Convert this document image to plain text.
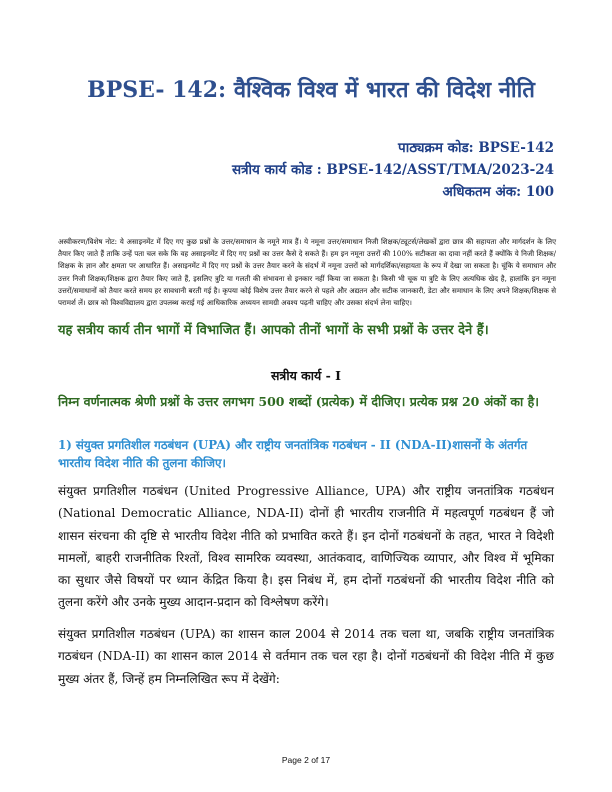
BPSE- 142: वैश्विक विश्व में भारत की विदेश नीति
पाठ्यक्रम कोड: BPSE-142
सत्रीय कार्य कोड : BPSE-142/ASST/TMA/2023-24
अधिकतम अंक: 100
अस्वीकरण/विशेष नोट: ये असाइनमेंट में दिए गए कुछ प्रश्नों के उत्तर/समाधान के नमूने मात्र हैं। ये नमूना उत्तर/समाधान निजी शिक्षक/ट्यूटर्स/लेखकों द्वारा छात्र की सहायता और मार्गदर्शन के लिए तैयार किए जाते हैं ताकि उन्हें पता चल सके कि वह असाइनमेंट में दिए गए प्रश्नों का उत्तर कैसे दे सकते हैं। हम इन नमूना उत्तरों की 100% सटीकता का दावा नहीं करते हैं क्योंकि ये निजी शिक्षक/शिक्षक के ज्ञान और क्षमता पर आधारित हैं। असाइनमेंट में दिए गए प्रश्नों के उत्तर तैयार करने के संदर्भ में नमूना उत्तरों को मार्गदर्शिका/सहायता के रूप में देखा जा सकता है। चूंकि ये समाधान और उत्तर निजी शिक्षक/शिक्षक द्वारा तैयार किए जाते हैं, इसलिए त्रुटि या गलती की संभावना से इनकार नहीं किया जा सकता है। किसी भी चूक या त्रुटि के लिए अत्यधिक खेद है, हालांकि इन नमूना उत्तरों/समाधानों को तैयार करते समय हर सावधानी बरती गई है। कृपया कोई विशेष उत्तर तैयार करने से पहले और अद्यतन और सटीक जानकारी, डेटा और समाधान के लिए अपने शिक्षक/शिक्षक से परामर्श लें। छात्र को विश्वविद्यालय द्वारा उपलब्ध कराई गई आधिकारिक अध्ययन सामग्री अवश्य पढ़नी चाहिए और उसका संदर्भ लेना चाहिए।
यह सत्रीय कार्य तीन भागों में विभाजित हैं। आपको तीनों भागों के सभी प्रश्नों के उत्तर देने हैं।
सत्रीय कार्य - I
निम्न वर्णनात्मक श्रेणी प्रश्नों के उत्तर लगभग 500 शब्दों (प्रत्येक) में दीजिए। प्रत्येक प्रश्न 20 अंकों का है।
1) संयुक्त प्रगतिशील गठबंधन (UPA) और राष्ट्रीय जनतांत्रिक गठबंधन - II (NDA-II)शासनों के अंतर्गत भारतीय विदेश नीति की तुलना कीजिए।
संयुक्त प्रगतिशील गठबंधन (United Progressive Alliance, UPA) और राष्ट्रीय जनतांत्रिक गठबंधन (National Democratic Alliance, NDA-II) दोनों ही भारतीय राजनीति में महत्वपूर्ण गठबंधन हैं जो शासन संरचना की दृष्टि से भारतीय विदेश नीति को प्रभावित करते हैं। इन दोनों गठबंधनों के तहत, भारत ने विदेशी मामलों, बाहरी राजनीतिक रिश्तों, विश्व सामरिक व्यवस्था, आतंकवाद, वाणिज्यिक व्यापार, और विश्व में भूमिका का सुधार जैसे विषयों पर ध्यान केंद्रित किया है। इस निबंध में, हम दोनों गठबंधनों की भारतीय विदेश नीति को तुलना करेंगे और उनके मुख्य आदान-प्रदान को विश्लेषण करेंगे।
संयुक्त प्रगतिशील गठबंधन (UPA) का शासन काल 2004 से 2014 तक चला था, जबकि राष्ट्रीय जनतांत्रिक गठबंधन (NDA-II) का शासन काल 2014 से वर्तमान तक चल रहा है। दोनों गठबंधनों की विदेश नीति में कुछ मुख्य अंतर हैं, जिन्हें हम निम्नलिखित रूप में देखेंगे:
Page 2 of 17
